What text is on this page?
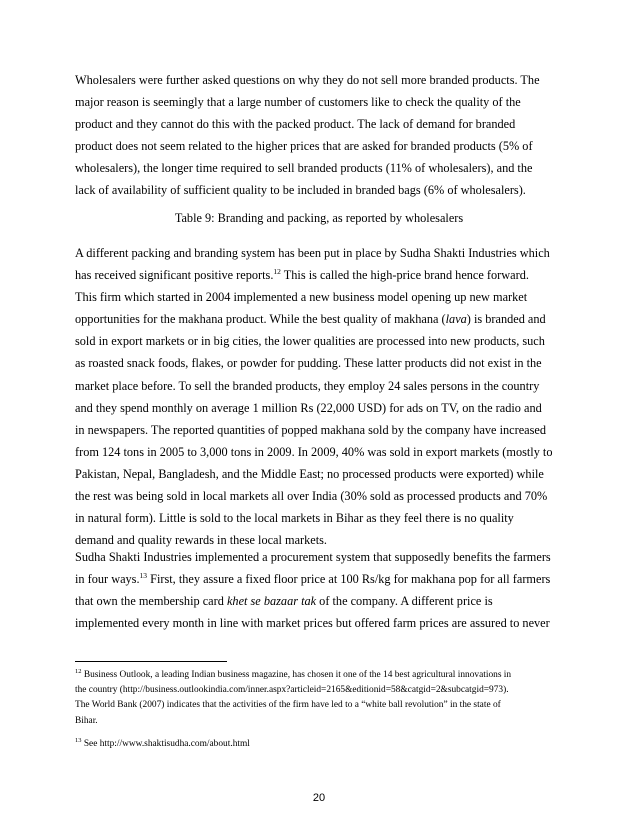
Wholesalers were further asked questions on why they do not sell more branded products. The
major reason is seemingly that a large number of customers like to check the quality of the
product and they cannot do this with the packed product. The lack of demand for branded
product does not seem related to the higher prices that are asked for branded products (5% of
wholesalers), the longer time required to sell branded products (11% of wholesalers), and the
lack of availability of sufficient quality to be included in branded bags (6% of wholesalers).
Table 9: Branding and packing, as reported by wholesalers
A different packing and branding system has been put in place by Sudha Shakti Industries which
has received significant positive reports.$^{12}$ This is called the high-price brand hence forward.
This firm which started in 2004 implemented a new business model opening up new market
opportunities for the makhana product. While the best quality of makhana (lava) is branded and
sold in export markets or in big cities, the lower qualities are processed into new products, such
as roasted snack foods, flakes, or powder for pudding. These latter products did not exist in the
market place before. To sell the branded products, they employ 24 sales persons in the country
and they spend monthly on average 1 million Rs (22,000 USD) for ads on TV, on the radio and
in newspapers. The reported quantities of popped makhana sold by the company have increased
from 124 tons in 2005 to 3,000 tons in 2009. In 2009, 40% was sold in export markets (mostly to
Pakistan, Nepal, Bangladesh, and the Middle East; no processed products were exported) while
the rest was being sold in local markets all over India (30% sold as processed products and 70%
in natural form). Little is sold to the local markets in Bihar as they feel there is no quality
demand and quality rewards in these local markets.
Sudha Shakti Industries implemented a procurement system that supposedly benefits the farmers
in four ways.$^{13}$ First, they assure a fixed floor price at 100 Rs/kg for makhana pop for all farmers
that own the membership card khet se bazaar tak of the company. A different price is
implemented every month in line with market prices but offered farm prices are assured to never
$^{12}$ Business Outlook, a leading Indian business magazine, has chosen it one of the 14 best agricultural innovations in
the country (http://business.outlookindia.com/inner.aspx?articleid=2165&editionid=58&catgid=2&subcatgid=973).
The World Bank (2007) indicates that the activities of the firm have led to a “white ball revolution” in the state of
Bihar.
$^{13}$ See http://www.shaktisudha.com/about.html
20
